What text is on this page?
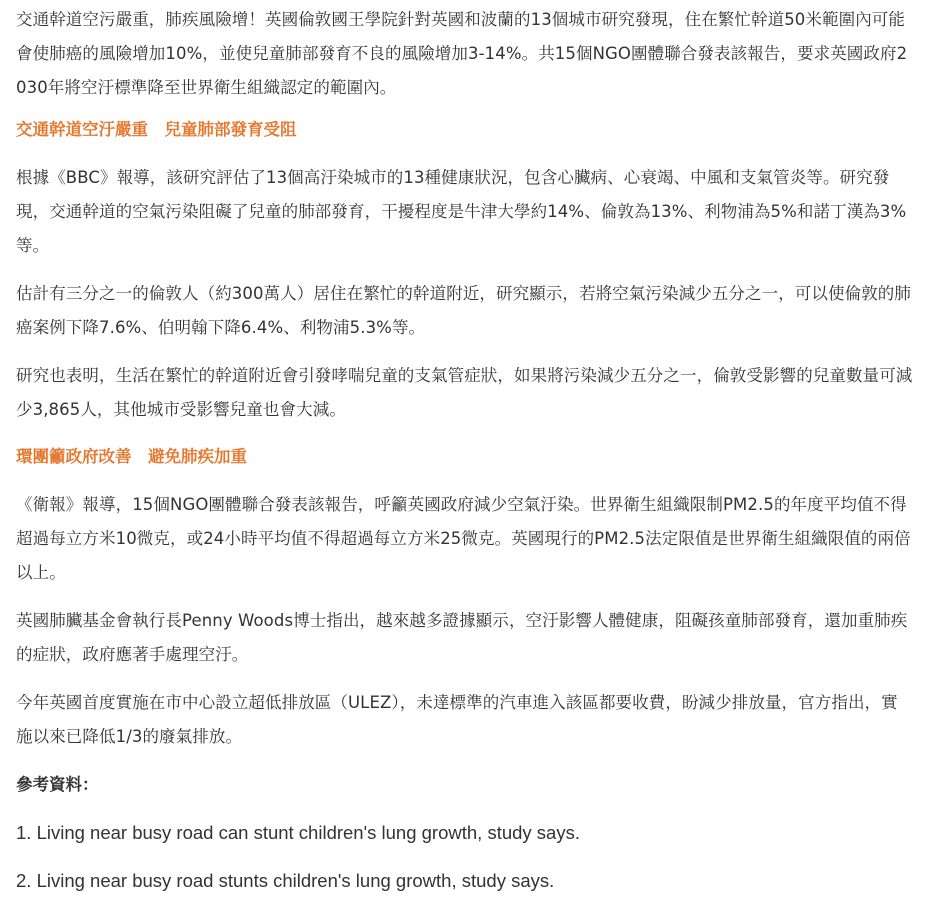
交通幹道空污嚴重，肺疾風險增！英國倫敦國王學院針對英國和波蘭的13個城市研究發現，住在繁忙幹道50米範圍內可能會使肺癌的風險增加10%，並使兒童肺部發育不良的風險增加3-14%。共15個NGO團體聯合發表該報告，要求英國政府2030年將空汙標準降至世界衛生組織認定的範圍內。

交通幹道空汙嚴重　兒童肺部發育受阻

根據《BBC》報導，該研究評估了13個高汙染城市的13種健康狀況，包含心臟病、心衰竭、中風和支氣管炎等。研究發現，交通幹道的空氣污染阻礙了兒童的肺部發育，干擾程度是牛津大學約14%、倫敦為13%、利物浦為5%和諾丁漢為3%等。

估計有三分之一的倫敦人（約300萬人）居住在繁忙的幹道附近，研究顯示，若將空氣污染減少五分之一，可以使倫敦的肺癌案例下降7.6%、伯明翰下降6.4%、利物浦5.3%等。

研究也表明，生活在繁忙的幹道附近會引發哮喘兒童的支氣管症狀，如果將污染減少五分之一，倫敦受影響的兒童數量可減少3,865人，其他城市受影響兒童也會大減。

環團籲政府改善　避免肺疾加重

《衛報》報導，15個NGO團體聯合發表該報告，呼籲英國政府減少空氣汙染。世界衛生組織限制PM2.5的年度平均值不得超過每立方米10微克，或24小時平均值不得超過每立方米25微克。英國現行的PM2.5法定限值是世界衛生組織限值的兩倍以上。

英國肺臟基金會執行長Penny Woods博士指出，越來越多證據顯示，空汙影響人體健康，阻礙孩童肺部發育，還加重肺疾的症狀，政府應著手處理空汙。

今年英國首度實施在市中心設立超低排放區（ULEZ），未達標準的汽車進入該區都要收費，盼減少排放量，官方指出，實施以來已降低1/3的廢氣排放。

參考資料：

1. Living near busy road can stunt children's lung growth, study says.

2. Living near busy road stunts children's lung growth, study says.
